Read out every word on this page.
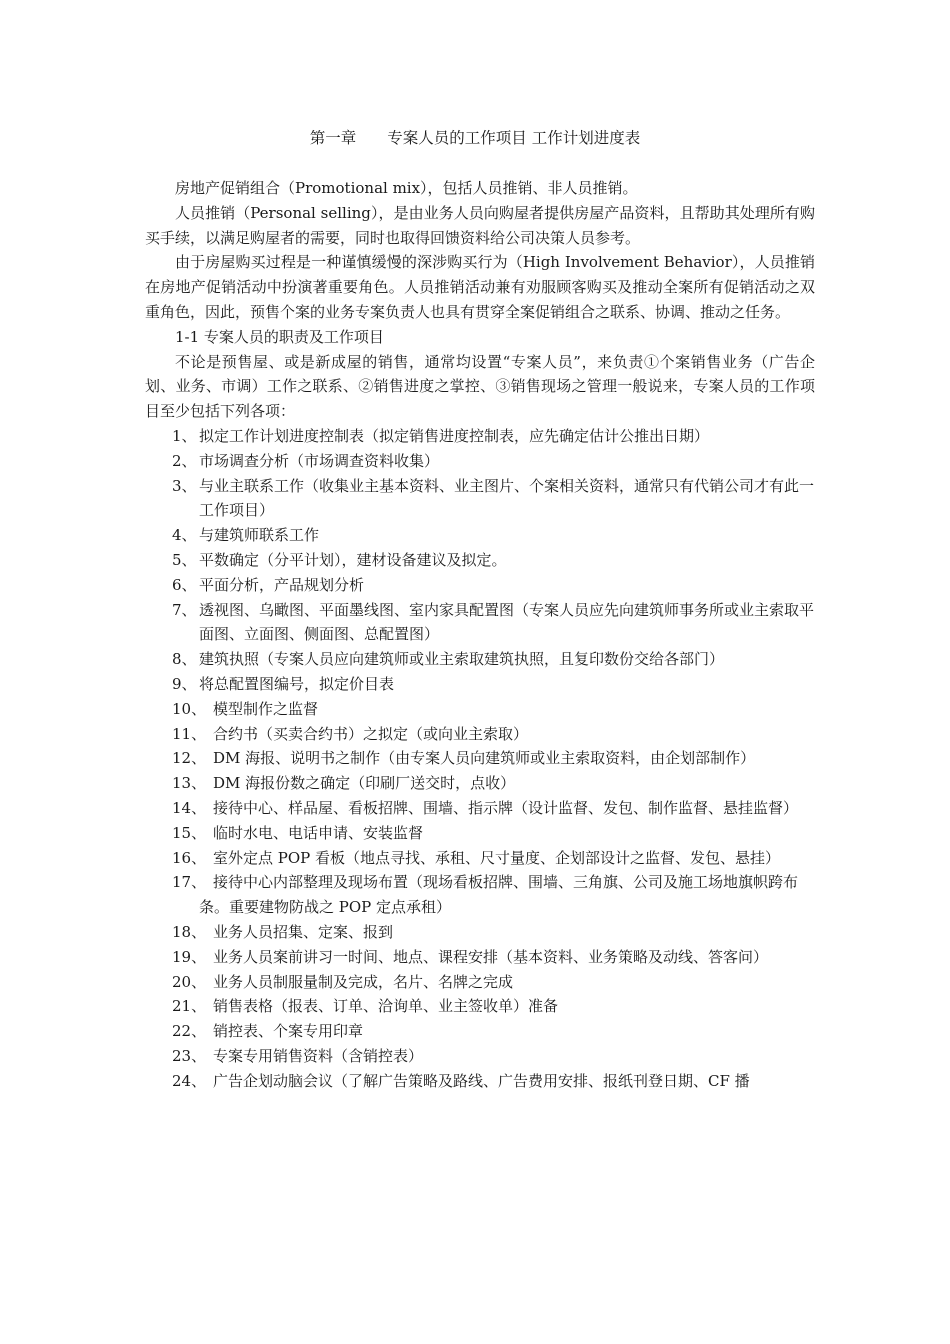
第一章　　专案人员的工作项目 工作计划进度表

房地产促销组合（Promotional mix），包括人员推销、非人员推销。

人员推销（Personal selling），是由业务人员向购屋者提供房屋产品资料，且帮助其处理所有购买手续，以满足购屋者的需要，同时也取得回馈资料给公司决策人员参考。

由于房屋购买过程是一种谨慎缓慢的深涉购买行为（High Involvement Behavior），人员推销在房地产促销活动中扮演著重要角色。人员推销活动兼有劝服顾客购买及推动全案所有促销活动之双重角色，因此，预售个案的业务专案负责人也具有贯穿全案促销组合之联系、协调、推动之任务。

1-1 专案人员的职责及工作项目

不论是预售屋、或是新成屋的销售，通常均设置“专案人员”，来负责①个案销售业务（广告企划、业务、市调）工作之联系、②销售进度之掌控、③销售现场之管理一般说来，专案人员的工作项目至少包括下列各项：

1、 拟定工作计划进度控制表（拟定销售进度控制表，应先确定估计公推出日期）
2、 市场调查分析（市场调查资料收集）
3、 与业主联系工作（收集业主基本资料、业主图片、个案相关资料，通常只有代销公司才有此一工作项目）
4、 与建筑师联系工作
5、 平数确定（分平计划），建材设备建议及拟定。
6、 平面分析，产品规划分析
7、 透视图、乌瞰图、平面墨线图、室内家具配置图（专案人员应先向建筑师事务所或业主索取平面图、立面图、侧面图、总配置图）
8、 建筑执照（专案人员应向建筑师或业主索取建筑执照，且复印数份交给各部门）
9、 将总配置图编号，拟定价目表
10、 模型制作之监督
11、 合约书（买卖合约书）之拟定（或向业主索取）
12、 DM 海报、说明书之制作（由专案人员向建筑师或业主索取资料，由企划部制作）
13、 DM 海报份数之确定（印刷厂送交时，点收）
14、 接待中心、样品屋、看板招牌、围墙、指示牌（设计监督、发包、制作监督、悬挂监督）
15、 临时水电、电话申请、安装监督
16、 室外定点 POP 看板（地点寻找、承租、尺寸量度、企划部设计之监督、发包、悬挂）
17、 接待中心内部整理及现场布置（现场看板招牌、围墙、三角旗、公司及施工场地旗帜跨布条。重要建物防战之 POP 定点承租）
18、 业务人员招集、定案、报到
19、 业务人员案前讲习一时间、地点、课程安排（基本资料、业务策略及动线、答客问）
20、 业务人员制服量制及完成，名片、名牌之完成
21、 销售表格（报表、订单、洽询单、业主签收单）准备
22、 销控表、个案专用印章
23、 专案专用销售资料（含销控表）
24、 广告企划动脑会议（了解广告策略及路线、广告费用安排、报纸刊登日期、CF 播
